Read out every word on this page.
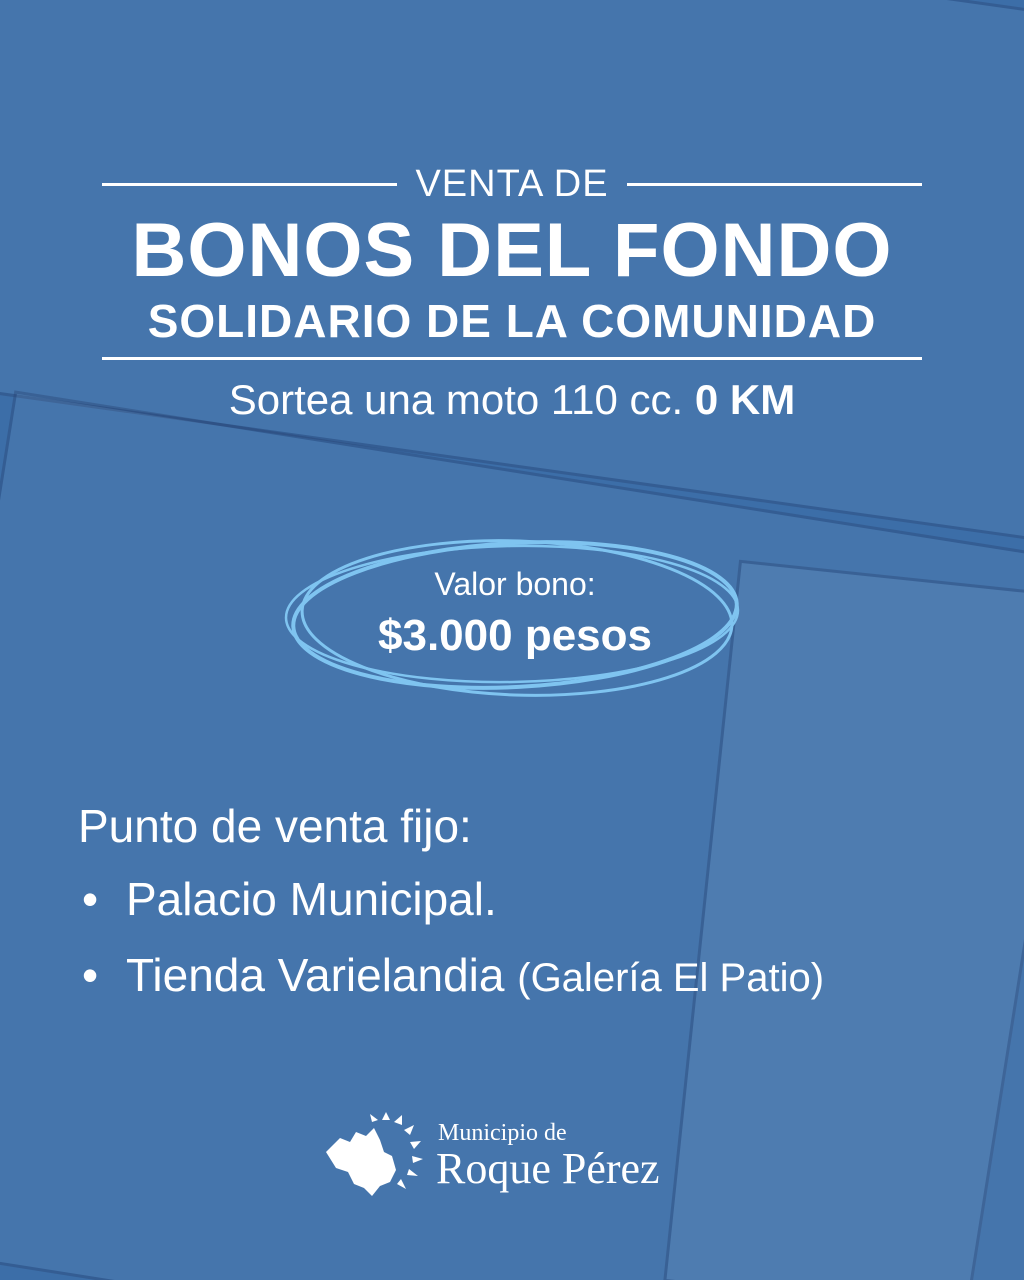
VENTA DE
BONOS DEL FONDO
SOLIDARIO DE LA COMUNIDAD
Sortea una moto 110 cc. 0 KM
Valor bono:
$3.000 pesos
Punto de venta fijo:
• Palacio Municipal.
• Tienda Varielandia (Galería El Patio)
Municipio de
Roque Pérez
